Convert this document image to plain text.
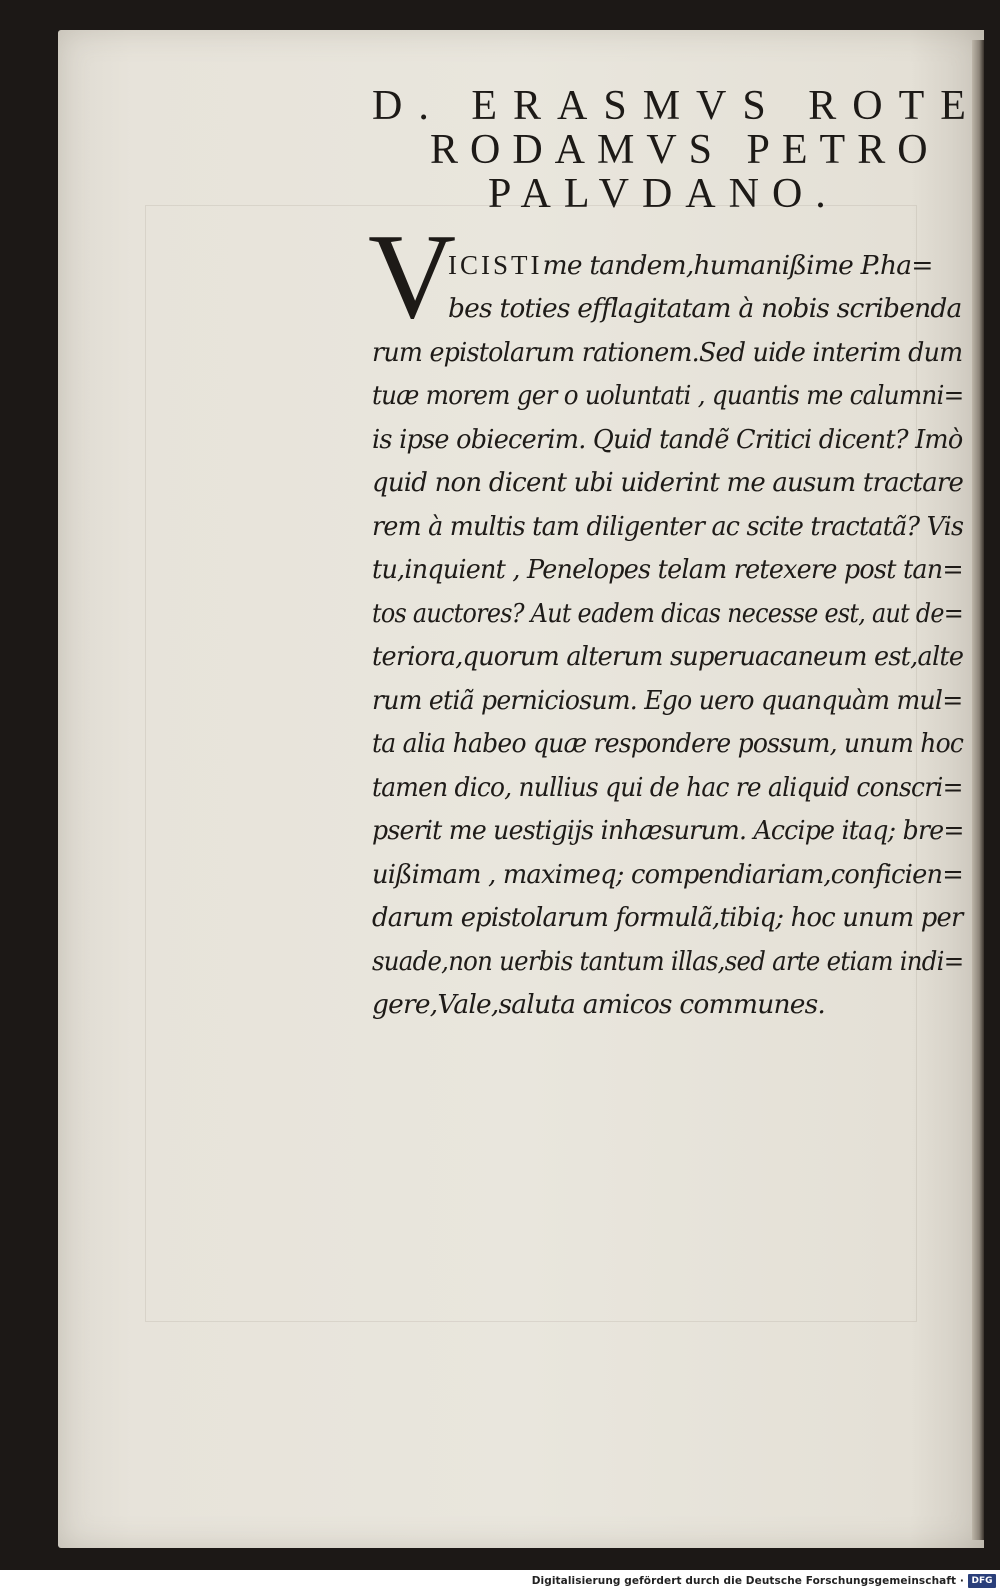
D. ERASMVS ROTE
RODAMVS PETRO
PALVDANO.
V
ICISTIme tandem,humanißime P.ha=
bes toties efflagitatam à nobis scribenda
rum epistolarum rationem.Sed uide interim dum
tuæ morem ger o uoluntati , quantis me calumni=
is ipse obiecerim. Quid tandẽ Critici dicent? Imò
quid non dicent ubi uiderint me ausum tractare
rem à multis tam diligenter ac scite tractatã? Vis
tu,inquient , Penelopes telam retexere post tan=
tos auctores? Aut eadem dicas necesse est, aut de=
teriora,quorum alterum superuacaneum est,alte
rum etiã perniciosum. Ego uero quanquàm mul=
ta alia habeo quæ respondere possum, unum hoc
tamen dico, nullius qui de hac re aliquid conscri=
pserit me uestigijs inhæsurum. Accipe itaq; bre=
uißimam , maximeq; compendiariam,conficien=
darum epistolarum formulã,tibiq; hoc unum per
suade,non uerbis tantum illas,sed arte etiam indi=
gere,Vale,saluta amicos communes.
Digitalisierung gefördert durch die Deutsche Forschungsgemeinschaft · DFG
